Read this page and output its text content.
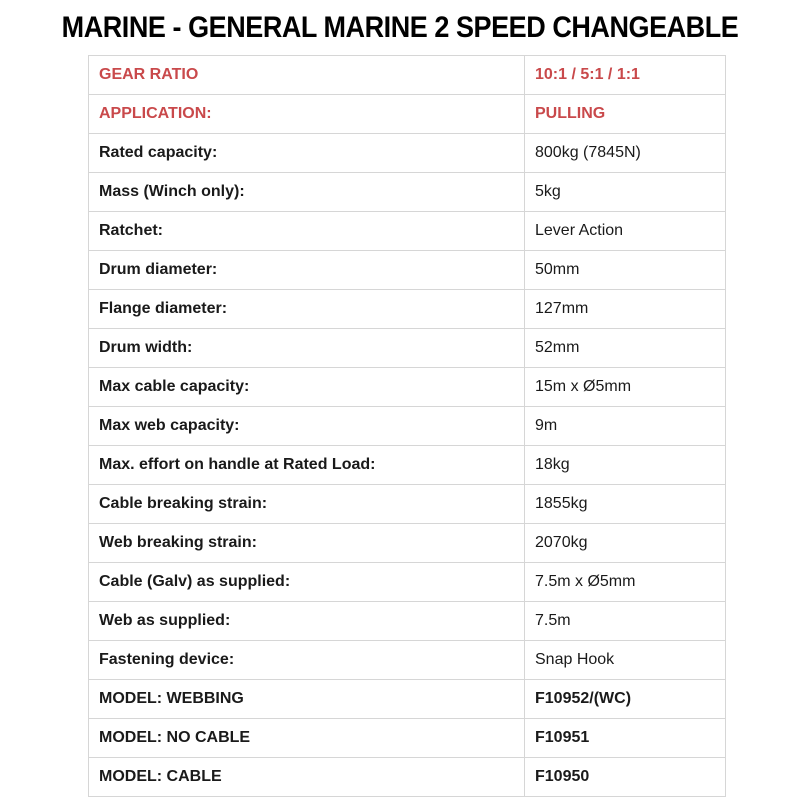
MARINE - GENERAL MARINE 2 SPEED CHANGEABLE
GEAR RATIO	10:1 / 5:1 / 1:1
APPLICATION:	PULLING
Rated capacity:	800kg (7845N)
Mass (Winch only):	5kg
Ratchet:	Lever Action
Drum diameter:	50mm
Flange diameter:	127mm
Drum width:	52mm
Max cable capacity:	15m x Ø5mm
Max web capacity:	9m
Max. effort on handle at Rated Load:	18kg
Cable breaking strain:	1855kg
Web breaking strain:	2070kg
Cable (Galv) as supplied:	7.5m x Ø5mm
Web as supplied:	7.5m
Fastening device:	Snap Hook
MODEL: WEBBING	F10952/(WC)
MODEL: NO CABLE	F10951
MODEL: CABLE	F10950
